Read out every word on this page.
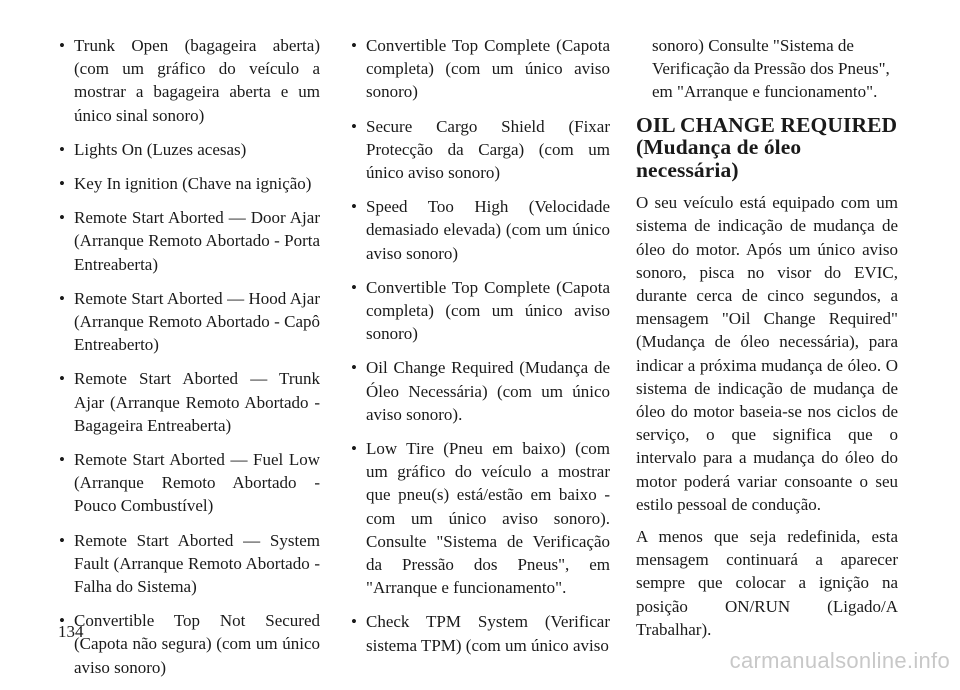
• Trunk Open (bagageira aberta) (com um gráfico do veículo a mostrar a bagageira aberta e um único sinal sonoro)
• Lights On (Luzes acesas)
• Key In ignition (Chave na ignição)
• Remote Start Aborted — Door Ajar (Arranque Remoto Abortado - Porta Entreaberta)
• Remote Start Aborted — Hood Ajar (Arranque Remoto Abortado - Capô Entreaberto)
• Remote Start Aborted — Trunk Ajar (Arranque Remoto Abortado - Bagageira Entreaberta)
• Remote Start Aborted — Fuel Low (Arranque Remoto Abortado - Pouco Combustível)
• Remote Start Aborted — System Fault (Arranque Remoto Abortado - Falha do Sistema)
• Convertible Top Not Secured (Capota não segura) (com um único aviso sonoro)
• Convertible Top Complete (Capota completa) (com um único aviso sonoro)
• Secure Cargo Shield (Fixar Protecção da Carga) (com um único aviso sonoro)
• Speed Too High (Velocidade demasiado elevada) (com um único aviso sonoro)
• Convertible Top Complete (Capota completa) (com um único aviso sonoro)
• Oil Change Required (Mudança de Óleo Necessária) (com um único aviso sonoro).
• Low Tire (Pneu em baixo) (com um gráfico do veículo a mostrar que pneu(s) está/estão em baixo - com um único aviso sonoro). Consulte "Sistema de Verificação da Pressão dos Pneus", em "Arranque e funcionamento".
• Check TPM System (Verificar sistema TPM) (com um único aviso
sonoro) Consulte "Sistema de Verificação da Pressão dos Pneus", em "Arranque e funcionamento".
OIL CHANGE REQUIRED
(Mudança de óleo
necessária)

O seu veículo está equipado com um sistema de indicação de mudança de óleo do motor. Após um único aviso sonoro, pisca no visor do EVIC, durante cerca de cinco segundos, a mensagem "Oil Change Required" (Mudança de óleo necessária), para indicar a próxima mudança de óleo. O sistema de indicação de mudança de óleo do motor baseia-se nos ciclos de serviço, o que significa que o intervalo para a mudança do óleo do motor poderá variar consoante o seu estilo pessoal de condução.

A menos que seja redefinida, esta mensagem continuará a aparecer sempre que colocar a ignição na posição ON/RUN (Ligado/A Trabalhar).

134
carmanualsonline.info
